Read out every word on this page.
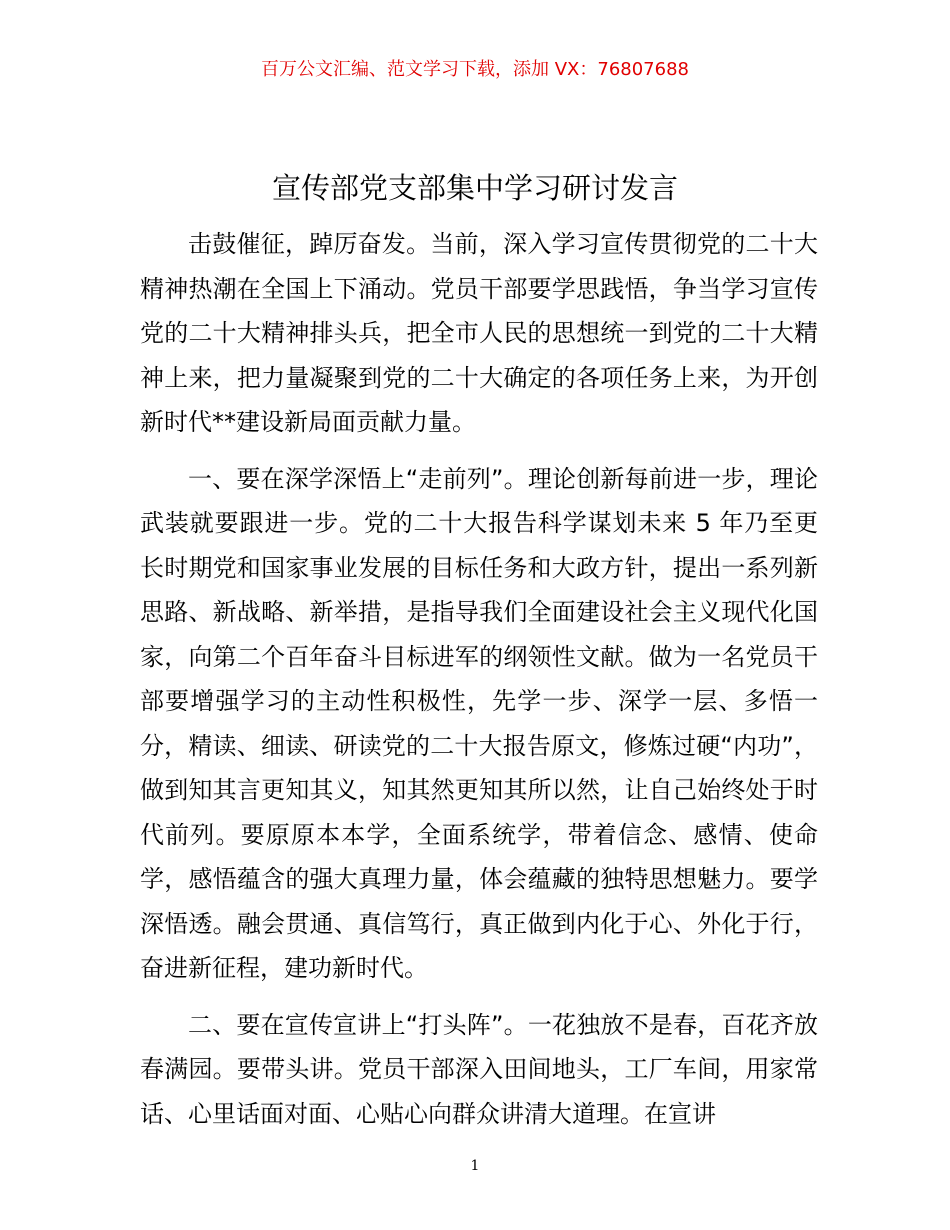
百万公文汇编、范文学习下载，添加 VX：76807688
宣传部党支部集中学习研讨发言

击鼓催征，踔厉奋发。当前，深入学习宣传贯彻党的二十大精神热潮在全国上下涌动。党员干部要学思践悟，争当学习宣传党的二十大精神排头兵，把全市人民的思想统一到党的二十大精神上来，把力量凝聚到党的二十大确定的各项任务上来，为开创新时代**建设新局面贡献力量。

一、要在深学深悟上“走前列”。理论创新每前进一步，理论武装就要跟进一步。党的二十大报告科学谋划未来 5 年乃至更长时期党和国家事业发展的目标任务和大政方针，提出一系列新思路、新战略、新举措，是指导我们全面建设社会主义现代化国家，向第二个百年奋斗目标进军的纲领性文献。做为一名党员干部要增强学习的主动性积极性，先学一步、深学一层、多悟一分，精读、细读、研读党的二十大报告原文，修炼过硬“内功”，做到知其言更知其义，知其然更知其所以然，让自己始终处于时代前列。要原原本本学，全面系统学，带着信念、感情、使命学，感悟蕴含的强大真理力量，体会蕴藏的独特思想魅力。要学深悟透。融会贯通、真信笃行，真正做到内化于心、外化于行，奋进新征程，建功新时代。

二、要在宣传宣讲上“打头阵”。一花独放不是春，百花齐放春满园。要带头讲。党员干部深入田间地头，工厂车间，用家常话、心里话面对面、心贴心向群众讲清大道理。在宣讲

1
